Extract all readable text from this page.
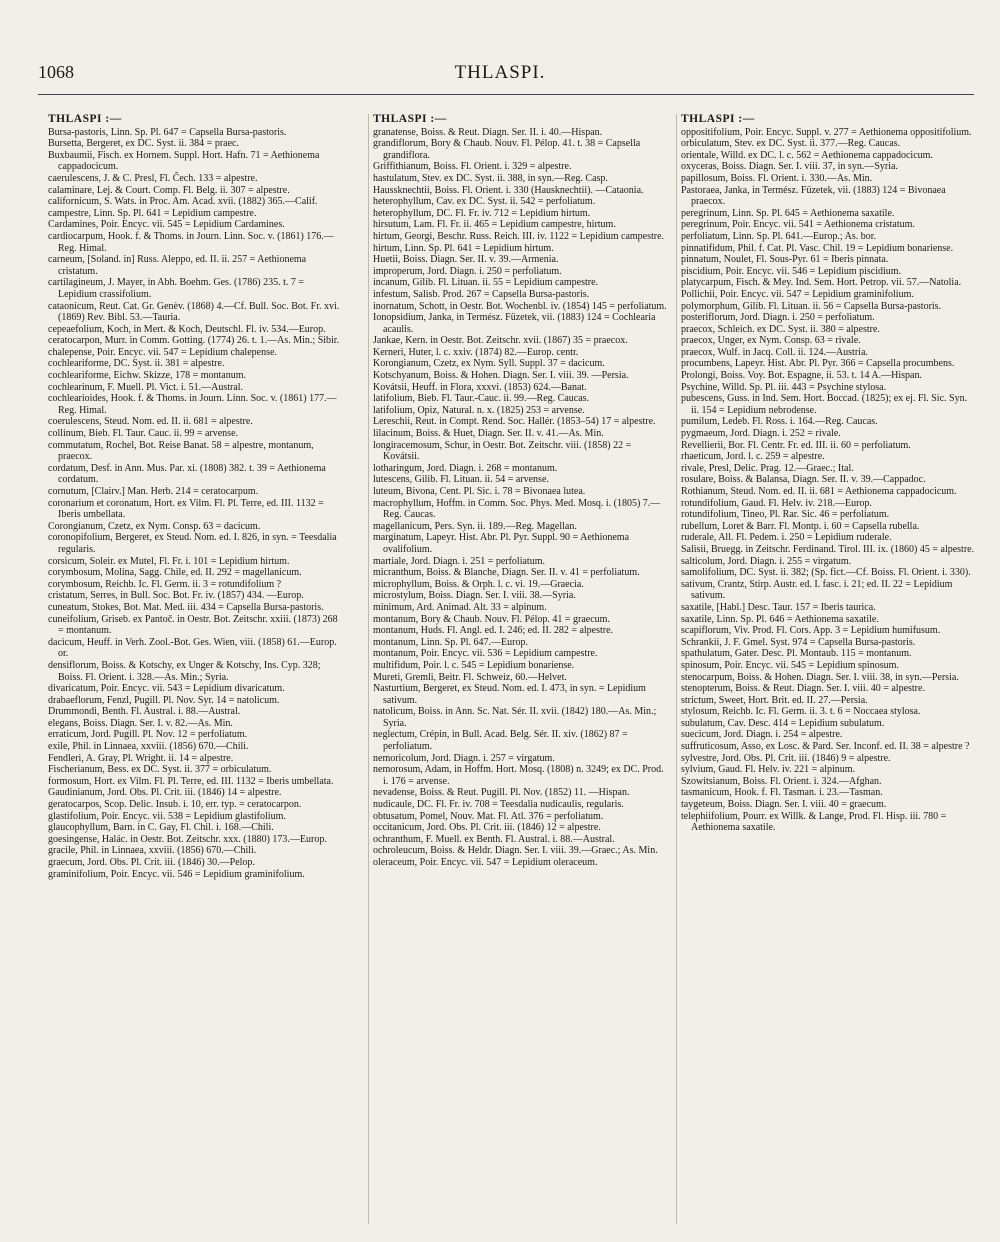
1068	THLASPI.
THLASPI :—

Bursa-pastoris, Linn. Sp. Pl. 647 = Capsella Bursa-pastoris.

Bursetta, Bergeret, ex DC. Syst. ii. 384 = praec.

Buxbaumii, Fisch. ex Hornem. Suppl. Hort. Hafn. 71 = Aethionema cappadocicum.

caerulescens, J. & C. Presl, Fl. Čech. 133 = alpestre.

calaminare, Lej. & Court. Comp. Fl. Belg. ii. 307 = alpestre.

californicum, S. Wats. in Proc. Am. Acad. xvii. (1882) 365.—Calif.

campestre, Linn. Sp. Pl. 641 = Lepidium campestre.

Cardamines, Poir. Encyc. vii. 545 = Lepidium Cardamines.

cardiocarpum, Hook. f. & Thoms. in Journ. Linn. Soc. v. (1861) 176.—Reg. Himal.

carneum, [Soland. in] Russ. Aleppo, ed. II. ii. 257 = Aethionema cristatum.

cartilagineum, J. Mayer, in Abh. Boehm. Ges. (1786) 235. t. 7 = Lepidium crassifolium.

cataonicum, Reut. Cat. Gr. Genèv. (1868) 4.—Cf. Bull. Soc. Bot. Fr. xvi. (1869) Rev. Bibl. 53.—Tauria.

cepeaefolium, Koch, in Mert. & Koch, Deutschl. Fl. iv. 534.—Europ.

ceratocarpon, Murr. in Comm. Gotting. (1774) 26. t. 1.—As. Min.; Sibir.

chalepense, Poir. Encyc. vii. 547 = Lepidium chalepense.

cochleariforme, DC. Syst. ii. 381 = alpestre.

cochleariforme, Eichw. Skizze, 178 = montanum.

cochlearinum, F. Muell. Pl. Vict. i. 51.—Austral.

cochlearioides, Hook. f. & Thoms. in Journ. Linn. Soc. v. (1861) 177.—Reg. Himal.

coerulescens, Steud. Nom. ed. II. ii. 681 = alpestre.

collinum, Bieb. Fl. Taur. Cauc. ii. 99 = arvense.

commutatum, Rochel, Bot. Reise Banat. 58 = alpestre, montanum, praecox.

cordatum, Desf. in Ann. Mus. Par. xi. (1808) 382. t. 39 = Aethionema cordatum.

cornutum, [Clairv.] Man. Herb. 214 = ceratocarpum.

coronarium et coronatum, Hort. ex Vilm. Fl. Pl. Terre, ed. III. 1132 = Iberis umbellata.

Corongianum, Czetz, ex Nym. Consp. 63 = dacicum.

coronopifolium, Bergeret, ex Steud. Nom. ed. I. 826, in syn. = Teesdalia regularis.

corsicum, Soleir. ex Mutel, Fl. Fr. i. 101 = Lepidium hirtum.

corymbosum, Molina, Sagg. Chile, ed. II. 292 = magellanicum.

corymbosum, Reichb. Ic. Fl. Germ. ii. 3 = rotundifolium ?

cristatum, Serres, in Bull. Soc. Bot. Fr. iv. (1857) 434. —Europ.

cuneatum, Stokes, Bot. Mat. Med. iii. 434 = Capsella Bursa-pastoris.

cuneifolium, Griseb. ex Pantoč. in Oestr. Bot. Zeitschr. xxiii. (1873) 268 = montanum.

dacicum, Heuff. in Verh. Zool.-Bot. Ges. Wien, viii. (1858) 61.—Europ. or.

densiflorum, Boiss. & Kotschy, ex Unger & Kotschy, Ins. Cyp. 328; Boiss. Fl. Orient. i. 328.—As. Min.; Syria.

divaricatum, Poir. Encyc. vii. 543 = Lepidium divaricatum.

drabaeflorum, Fenzl, Pugill. Pl. Nov. Syr. 14 = natolicum.

Drummondi, Benth. Fl. Austral. i. 88.—Austral.

elegans, Boiss. Diagn. Ser. I. v. 82.—As. Min.

erraticum, Jord. Pugill. Pl. Nov. 12 = perfoliatum.

exile, Phil. in Linnaea, xxviii. (1856) 670.—Chili.

Fendleri, A. Gray, Pl. Wright. ii. 14 = alpestre.

Fischerianum, Bess. ex DC. Syst. ii. 377 = orbiculatum.

formosum, Hort. ex Vilm. Fl. Pl. Terre, ed. III. 1132 = Iberis umbellata.

Gaudinianum, Jord. Obs. Pl. Crit. iii. (1846) 14 = alpestre.

geratocarpos, Scop. Delic. Insub. i. 10, err. typ. = ceratocarpon.

glastifolium, Poir. Encyc. vii. 538 = Lepidium glastifolium.

glaucophyllum, Barn. in C. Gay, Fl. Chil. i. 168.—Chili.

goesingense, Halác. in Oestr. Bot. Zeitschr. xxx. (1880) 173.—Europ.

gracile, Phil. in Linnaea, xxviii. (1856) 670.—Chili.

graecum, Jord. Obs. Pl. Crit. iii. (1846) 30.—Pelop.

graminifolium, Poir. Encyc. vii. 546 = Lepidium graminifolium.

THLASPI :—

granatense, Boiss. & Reut. Diagn. Ser. II. i. 40.—Hispan.

grandiflorum, Bory & Chaub. Nouv. Fl. Pélop. 41. t. 38 = Capsella grandiflora.

Griffithianum, Boiss. Fl. Orient. i. 329 = alpestre.

hastulatum, Stev. ex DC. Syst. ii. 388, in syn.—Reg. Casp.

Haussknechtii, Boiss. Fl. Orient. i. 330 (Hausknechtii). —Cataonia.

heterophyllum, Cav. ex DC. Syst. ii. 542 = perfoliatum.

heterophyllum, DC. Fl. Fr. iv. 712 = Lepidium hirtum.

hirsutum, Lam. Fl. Fr. ii. 465 = Lepidium campestre, hirtum.

hirtum, Georgi, Beschr. Russ. Reich. III. iv. 1122 = Lepidium campestre.

hirtum, Linn. Sp. Pl. 641 = Lepidium hirtum.

Huetii, Boiss. Diagn. Ser. II. v. 39.—Armenia.

improperum, Jord. Diagn. i. 250 = perfoliatum.

incanum, Gilib. Fl. Lituan. ii. 55 = Lepidium campestre.

infestum, Salisb. Prod. 267 = Capsella Bursa-pastoris.

inornatum, Schott, in Oestr. Bot. Wochenbl. iv. (1854) 145 = perfoliatum.

Ionopsidium, Janka, in Termész. Füzetek, vii. (1883) 124 = Cochlearia acaulis.

Jankae, Kern. in Oestr. Bot. Zeitschr. xvii. (1867) 35 = praecox.

Kerneri, Huter, l. c. xxiv. (1874) 82.—Europ. centr.

Korongianum, Czetz, ex Nym. Syll. Suppl. 37 = dacicum.

Kotschyanum, Boiss. & Hohen. Diagn. Ser. I. viii. 39. —Persia.

Kovátsii, Heuff. in Flora, xxxvi. (1853) 624.—Banat.

latifolium, Bieb. Fl. Taur.-Cauc. ii. 99.—Reg. Caucas.

latifolium, Opiz, Natural. n. x. (1825) 253 = arvense.

Lereschii, Reut. in Compt. Rend. Soc. Hallér. (1853–54) 17 = alpestre.

lilacinum, Boiss. & Huet, Diagn. Ser. II. v. 41.—As. Min.

longiracemosum, Schur, in Oestr. Bot. Zeitschr. viii. (1858) 22 = Kovátsii.

lotharingum, Jord. Diagn. i. 268 = montanum.

lutescens, Gilib. Fl. Lituan. ii. 54 = arvense.

luteum, Bivona, Cent. Pl. Sic. i. 78 = Bivonaea lutea.

macrophyllum, Hoffm. in Comm. Soc. Phys. Med. Mosq. i. (1805) 7.—Reg. Caucas.

magellanicum, Pers. Syn. ii. 189.—Reg. Magellan.

marginatum, Lapeyr. Hist. Abr. Pl. Pyr. Suppl. 90 = Aethionema ovalifolium.

martiale, Jord. Diagn. i. 251 = perfoliatum.

micranthum, Boiss. & Blanche, Diagn. Ser. II. v. 41 = perfoliatum.

microphyllum, Boiss. & Orph. l. c. vi. 19.—Graecia.

microstylum, Boiss. Diagn. Ser. I. viii. 38.—Syria.

minimum, Ard. Animad. Alt. 33 = alpinum.

montanum, Bory & Chaub. Nouv. Fl. Pélop. 41 = graecum.

montanum, Huds. Fl. Angl. ed. I. 246; ed. II. 282 = alpestre.

montanum, Linn. Sp. Pl. 647.—Europ.

montanum, Poir. Encyc. vii. 536 = Lepidium campestre.

multifidum, Poir. l. c. 545 = Lepidium bonariense.

Mureti, Gremli, Beitr. Fl. Schweiz, 60.—Helvet.

Nasturtium, Bergeret, ex Steud. Nom. ed. I. 473, in syn. = Lepidium sativum.

natolicum, Boiss. in Ann. Sc. Nat. Sér. II. xvii. (1842) 180.—As. Min.; Syria.

neglectum, Crépin, in Bull. Acad. Belg. Sér. II. xiv. (1862) 87 = perfoliatum.

nemoricolum, Jord. Diagn. i. 257 = virgatum.

nemorosum, Adam, in Hoffm. Hort. Mosq. (1808) n. 3249; ex DC. Prod. i. 176 = arvense.

nevadense, Boiss. & Reut. Pugill. Pl. Nov. (1852) 11. —Hispan.

nudicaule, DC. Fl. Fr. iv. 708 = Teesdalia nudicaulis, regularis.

obtusatum, Pomel, Nouv. Mat. Fl. Atl. 376 = perfoliatum.

occitanicum, Jord. Obs. Pl. Crit. iii. (1846) 12 = alpestre.

ochranthum, F. Muell. ex Benth. Fl. Austral. i. 88.—Austral.

ochroleucum, Boiss. & Heldr. Diagn. Ser. I. viii. 39.—Graec.; As. Min.

oleraceum, Poir. Encyc. vii. 547 = Lepidium oleraceum.

THLASPI :—

oppositifolium, Poir. Encyc. Suppl. v. 277 = Aethionema oppositifolium.

orbiculatum, Stev. ex DC. Syst. ii. 377.—Reg. Caucas.

orientale, Willd. ex DC. l. c. 562 = Aethionema cappadocicum.

oxyceras, Boiss. Diagn. Ser. I. viii. 37, in syn.—Syria.

papillosum, Boiss. Fl. Orient. i. 330.—As. Min.

Pastoraea, Janka, in Termész. Füzetek, vii. (1883) 124 = Bivonaea praecox.

peregrinum, Linn. Sp. Pl. 645 = Aethionema saxatile.

peregrinum, Poir. Encyc. vii. 541 = Aethionema cristatum.

perfoliatum, Linn. Sp. Pl. 641.—Europ.; As. bor.

pinnatifidum, Phil. f. Cat. Pl. Vasc. Chil. 19 = Lepidium bonariense.

pinnatum, Noulet, Fl. Sous-Pyr. 61 = Iberis pinnata.

piscidium, Poir. Encyc. vii. 546 = Lepidium piscidium.

platycarpum, Fisch. & Mey. Ind. Sem. Hort. Petrop. vii. 57.—Natolia.

Pollichii, Poir. Encyc. vii. 547 = Lepidium graminifolium.

polymorphum, Gilib. Fl. Lituan. ii. 56 = Capsella Bursa-pastoris.

posteriflorum, Jord. Diagn. i. 250 = perfoliatum.

praecox, Schleich. ex DC. Syst. ii. 380 = alpestre.

praecox, Unger, ex Nym. Consp. 63 = rivale.

praecox, Wulf. in Jacq. Coll. ii. 124.—Austria.

procumbens, Lapeyr. Hist. Abr. Pl. Pyr. 366 = Capsella procumbens.

Prolongi, Boiss. Voy. Bot. Espagne, ii. 53. t. 14 A.—Hispan.

Psychine, Willd. Sp. Pl. iii. 443 = Psychine stylosa.

pubescens, Guss. in Ind. Sem. Hort. Boccad. (1825); ex ej. Fl. Sic. Syn. ii. 154 = Lepidium nebrodense.

pumilum, Ledeb. Fl. Ross. i. 164.—Reg. Caucas.

pygmaeum, Jord. Diagn. i. 252 = rivale.

Revellierii, Bor. Fl. Centr. Fr. ed. III. ii. 60 = perfoliatum.

rhaeticum, Jord. l. c. 259 = alpestre.

rivale, Presl, Delic. Prag. 12.—Graec.; Ital.

rosulare, Boiss. & Balansa, Diagn. Ser. II. v. 39.—Cappadoc.

Rothianum, Steud. Nom. ed. II. ii. 681 = Aethionema cappadocicum.

rotundifolium, Gaud. Fl. Helv. iv. 218.—Europ.

rotundifolium, Tineo, Pl. Rar. Sic. 46 = perfoliatum.

rubellum, Loret & Barr. Fl. Montp. i. 60 = Capsella rubella.

ruderale, All. Fl. Pedem. i. 250 = Lepidium ruderale.

Salisii, Bruegg. in Zeitschr. Ferdinand. Tirol. III. ix. (1860) 45 = alpestre.

salticolum, Jord. Diagn. i. 255 = virgatum.

samolifolium, DC. Syst. ii. 382; (Sp. fict.—Cf. Boiss. Fl. Orient. i. 330).

sativum, Crantz, Stirp. Austr. ed. I. fasc. i. 21; ed. II. 22 = Lepidium sativum.

saxatile, [Habl.] Desc. Taur. 157 = Iberis taurica.

saxatile, Linn. Sp. Pl. 646 = Aethionema saxatile.

scapiflorum, Viv. Prod. Fl. Cors. App. 3 = Lepidium humifusum.

Schrankii, J. F. Gmel. Syst. 974 = Capsella Bursa-pastoris.

spathulatum, Gater. Desc. Pl. Montaub. 115 = montanum.

spinosum, Poir. Encyc. vii. 545 = Lepidium spinosum.

stenocarpum, Boiss. & Hohen. Diagn. Ser. I. viii. 38, in syn.—Persia.

stenopterum, Boiss. & Reut. Diagn. Ser. I. viii. 40 = alpestre.

strictum, Sweet, Hort. Brit. ed. II. 27.—Persia.

stylosum, Reichb. Ic. Fl. Germ. ii. 3. t. 6 = Noccaea stylosa.

subulatum, Cav. Desc. 414 = Lepidium subulatum.

suecicum, Jord. Diagn. i. 254 = alpestre.

suffruticosum, Asso, ex Losc. & Pard. Ser. Inconf. ed. II. 38 = alpestre ?

sylvestre, Jord. Obs. Pl. Crit. iii. (1846) 9 = alpestre.

sylvium, Gaud. Fl. Helv. iv. 221 = alpinum.

Szowitsianum, Boiss. Fl. Orient. i. 324.—Afghan.

tasmanicum, Hook. f. Fl. Tasman. i. 23.—Tasman.

taygeteum, Boiss. Diagn. Ser. I. viii. 40 = graecum.

telephiifolium, Pourr. ex Willk. & Lange, Prod. Fl. Hisp. iii. 780 = Aethionema saxatile.
